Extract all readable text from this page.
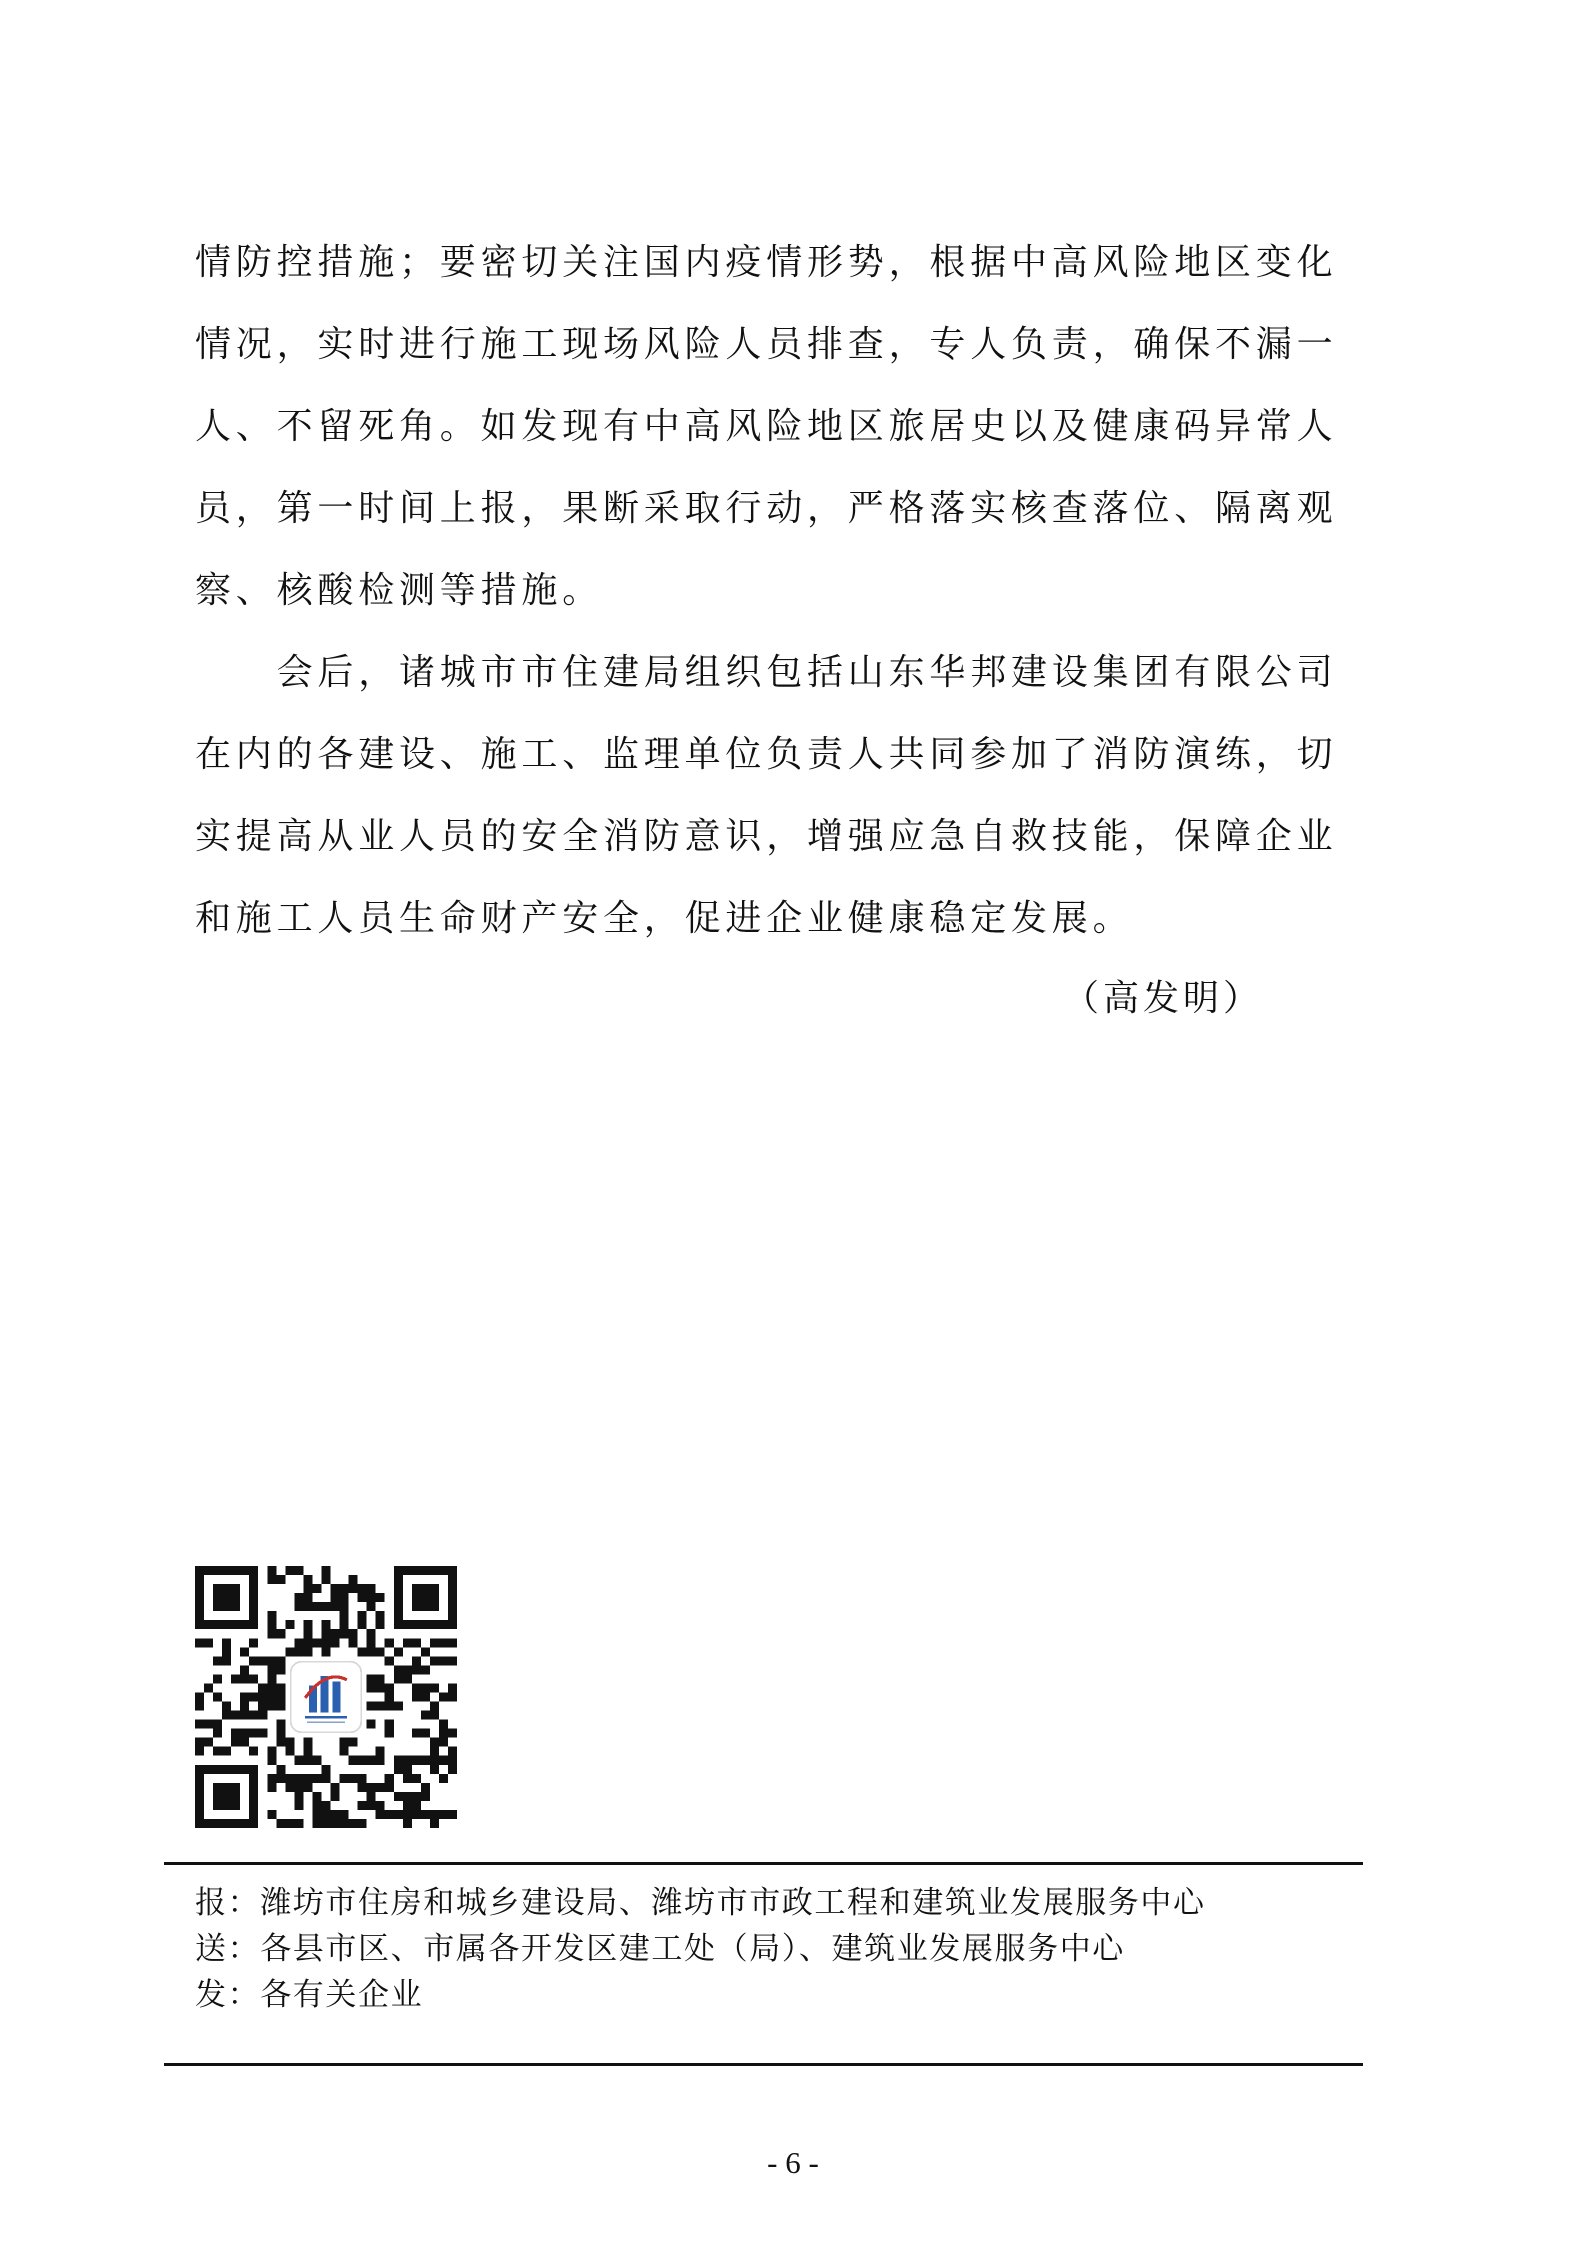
情防控措施；要密切关注国内疫情形势，根据中高风险地区变化
情况，实时进行施工现场风险人员排查，专人负责，确保不漏一
人、不留死角。如发现有中高风险地区旅居史以及健康码异常人
员，第一时间上报，果断采取行动，严格落实核查落位、隔离观
察、核酸检测等措施。
　　会后，诸城市市住建局组织包括山东华邦建设集团有限公司
在内的各建设、施工、监理单位负责人共同参加了消防演练，切
实提高从业人员的安全消防意识，增强应急自救技能，保障企业
和施工人员生命财产安全，促进企业健康稳定发展。
（高发明）
报：潍坊市住房和城乡建设局、潍坊市市政工程和建筑业发展服务中心
送：各县市区、市属各开发区建工处（局）、建筑业发展服务中心
发：各有关企业
- 6 -
